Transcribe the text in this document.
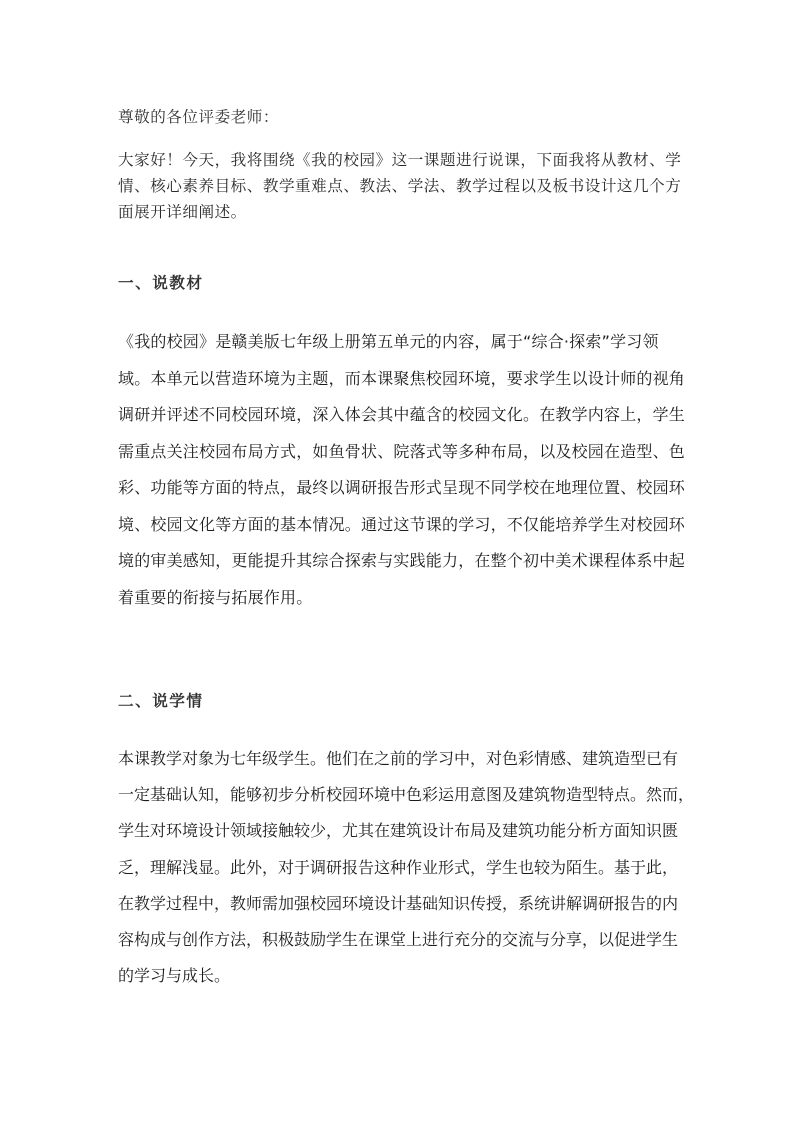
尊敬的各位评委老师：

大家好！今天，我将围绕《我的校园》这一课题进行说课，下面我将从教材、学
情、核心素养目标、教学重难点、教法、学法、教学过程以及板书设计这几个方
面展开详细阐述。

一、说教材

《我的校园》是赣美版七年级上册第五单元的内容，属于“综合·探索”学习领
域。本单元以营造环境为主题，而本课聚焦校园环境，要求学生以设计师的视角
调研并评述不同校园环境，深入体会其中蕴含的校园文化。在教学内容上，学生
需重点关注校园布局方式，如鱼骨状、院落式等多种布局，以及校园在造型、色
彩、功能等方面的特点，最终以调研报告形式呈现不同学校在地理位置、校园环
境、校园文化等方面的基本情况。通过这节课的学习，不仅能培养学生对校园环
境的审美感知，更能提升其综合探索与实践能力，在整个初中美术课程体系中起
着重要的衔接与拓展作用。

二、说学情

本课教学对象为七年级学生。他们在之前的学习中，对色彩情感、建筑造型已有
一定基础认知，能够初步分析校园环境中色彩运用意图及建筑物造型特点。然而，
学生对环境设计领域接触较少，尤其在建筑设计布局及建筑功能分析方面知识匮
乏，理解浅显。此外，对于调研报告这种作业形式，学生也较为陌生。基于此，
在教学过程中，教师需加强校园环境设计基础知识传授，系统讲解调研报告的内
容构成与创作方法，积极鼓励学生在课堂上进行充分的交流与分享，以促进学生
的学习与成长。
